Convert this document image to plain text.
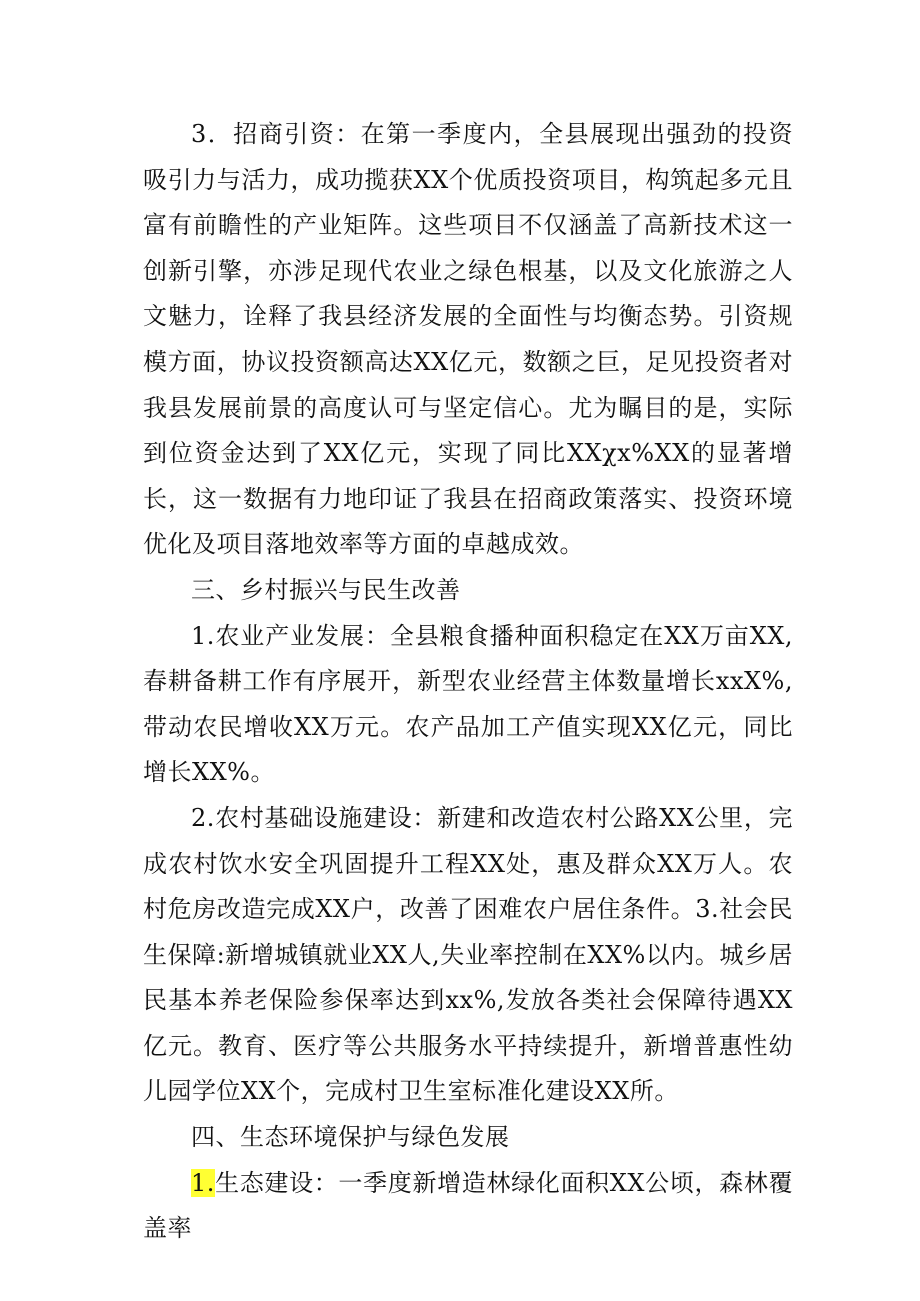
3．招商引资：在第一季度内，全县展现出强劲的投资吸引力与活力，成功揽获XX个优质投资项目，构筑起多元且富有前瞻性的产业矩阵。这些项目不仅涵盖了高新技术这一创新引擎，亦涉足现代农业之绿色根基，以及文化旅游之人文魅力，诠释了我县经济发展的全面性与均衡态势。引资规模方面，协议投资额高达XX亿元，数额之巨，足见投资者对我县发展前景的高度认可与坚定信心。尤为瞩目的是，实际到位资金达到了XX亿元，实现了同比XXχx%XX的显著增长，这一数据有力地印证了我县在招商政策落实、投资环境优化及项目落地效率等方面的卓越成效。

三、乡村振兴与民生改善

1.农业产业发展：全县粮食播种面积稳定在XX万亩XX,春耕备耕工作有序展开，新型农业经营主体数量增长xxX%,带动农民增收XX万元。农产品加工产值实现XX亿元，同比增长XX%。

2.农村基础设施建设：新建和改造农村公路XX公里，完成农村饮水安全巩固提升工程XX处，惠及群众XX万人。农村危房改造完成XX户，改善了困难农户居住条件。3.社会民生保障:新增城镇就业XX人,失业率控制在XX%以内。城乡居民基本养老保险参保率达到xx%,发放各类社会保障待遇XX亿元。教育、医疗等公共服务水平持续提升，新增普惠性幼儿园学位XX个，完成村卫生室标准化建设XX所。

四、生态环境保护与绿色发展

1.生态建设：一季度新增造林绿化面积XX公顷，森林覆盖率
